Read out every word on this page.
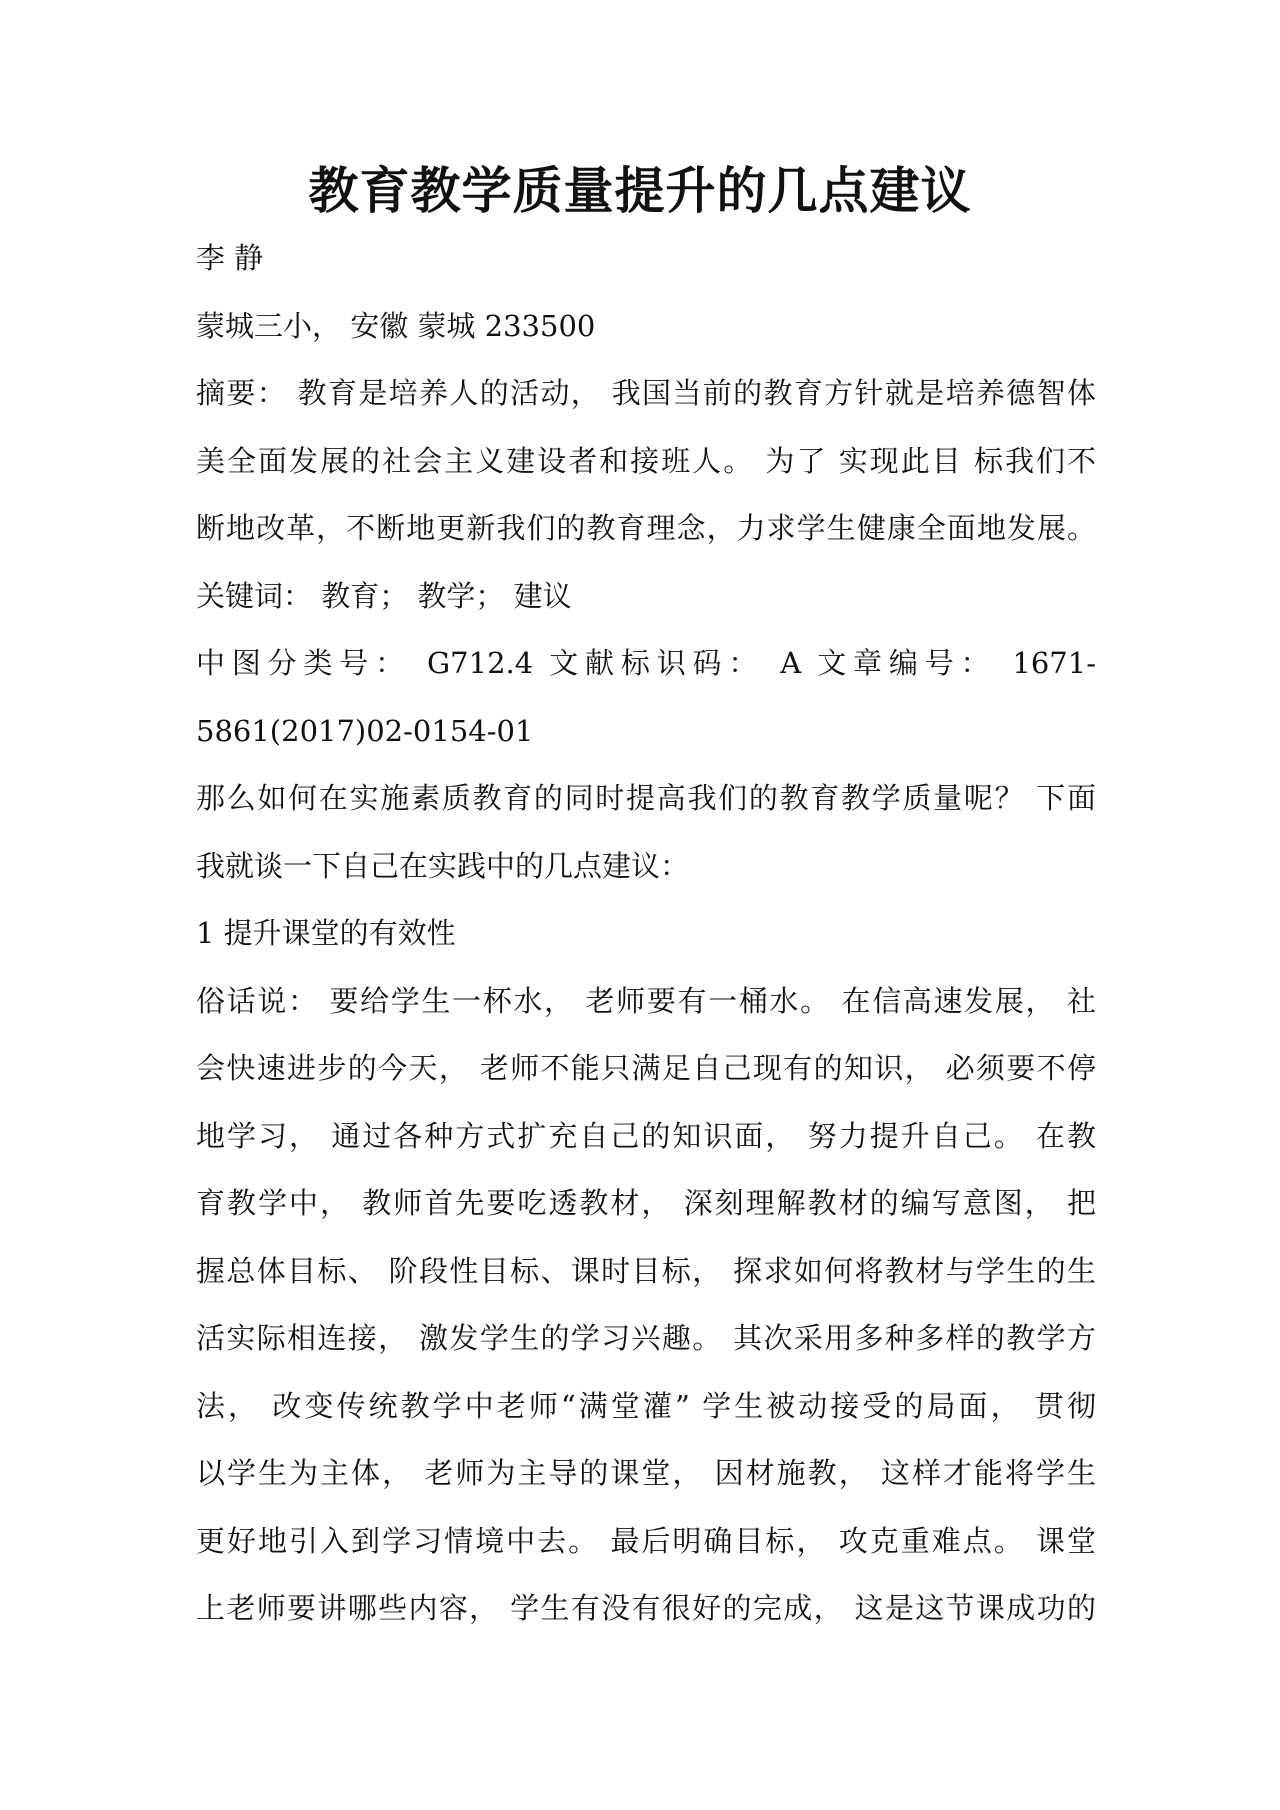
教育教学质量提升的几点建议
李 静
蒙城三小， 安徽 蒙城 233500
摘要： 教育是培养人的活动， 我国当前的教育方针就是培养德智体
美全面发展的社会主义建设者和接班人。 为了 实现此目 标我们不
断地改革，不断地更新我们的教育理念，力求学生健康全面地发展。
关键词： 教育； 教学； 建议
中图分类号： G712.4 文献标识码： A 文章编号： 1671-
5861(2017)02-0154-01
那么如何在实施素质教育的同时提高我们的教育教学质量呢？ 下面
我就谈一下自己在实践中的几点建议：
1 提升课堂的有效性
俗话说： 要给学生一杯水， 老师要有一桶水。 在信高速发展， 社
会快速进步的今天， 老师不能只满足自己现有的知识， 必须要不停
地学习， 通过各种方式扩充自己的知识面， 努力提升自己。 在教
育教学中， 教师首先要吃透教材， 深刻理解教材的编写意图， 把
握总体目标、 阶段性目标、课时目标， 探求如何将教材与学生的生
活实际相连接， 激发学生的学习兴趣。 其次采用多种多样的教学方
法， 改变传统教学中老师“满堂灌” 学生被动接受的局面， 贯彻
以学生为主体， 老师为主导的课堂， 因材施教， 这样才能将学生
更好地引入到学习情境中去。 最后明确目标， 攻克重难点。 课堂
上老师要讲哪些内容， 学生有没有很好的完成， 这是这节课成功的
